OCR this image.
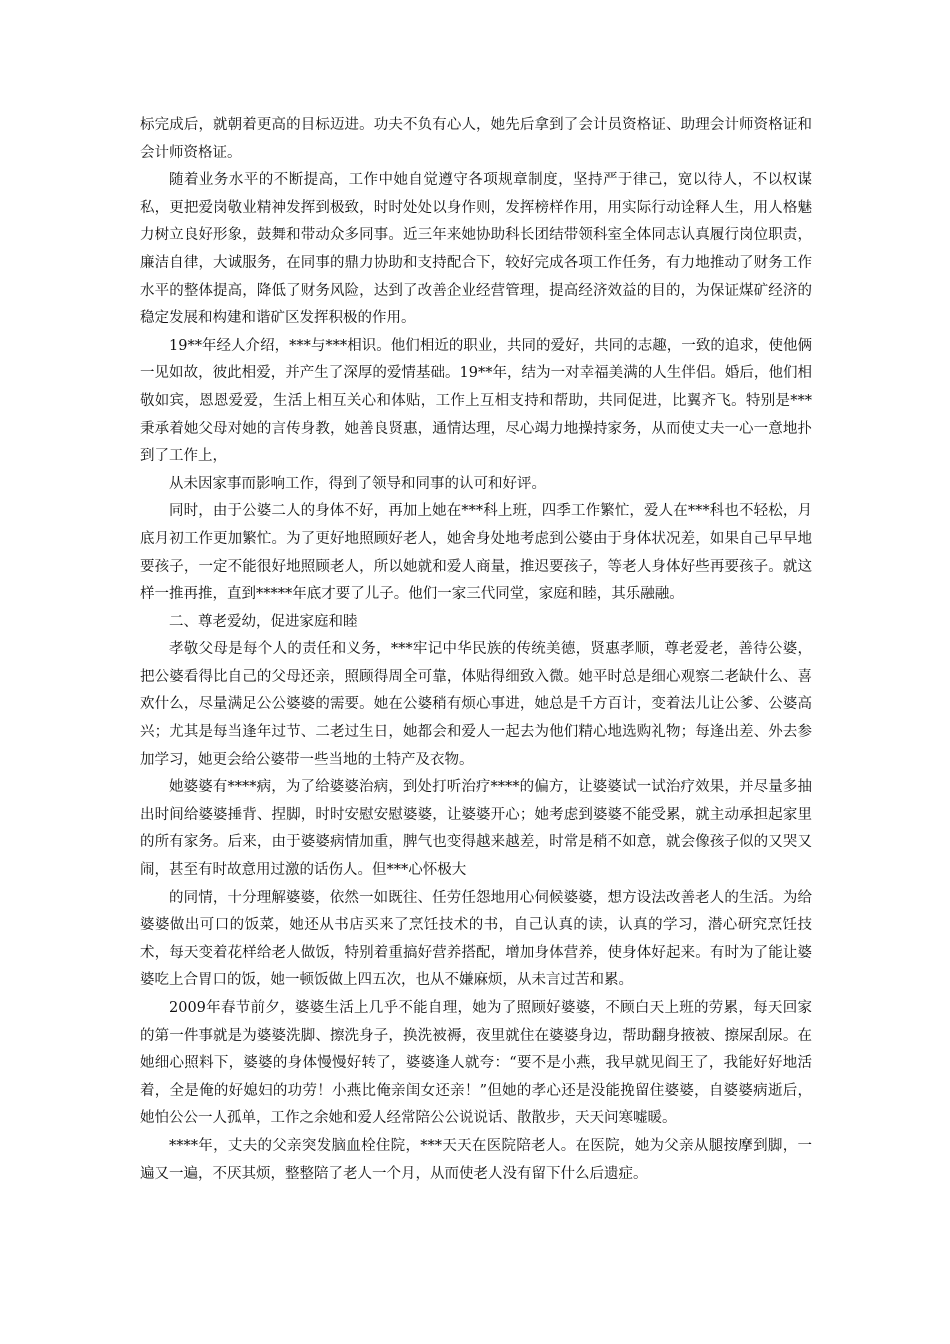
标完成后，就朝着更高的目标迈进。功夫不负有心人，她先后拿到了会计员资格证、助理会计师资格证和会计师资格证。

随着业务水平的不断提高，工作中她自觉遵守各项规章制度，坚持严于律己，宽以待人，不以权谋私，更把爱岗敬业精神发挥到极致，时时处处以身作则，发挥榜样作用，用实际行动诠释人生，用人格魅力树立良好形象，鼓舞和带动众多同事。近三年来她协助科长团结带领科室全体同志认真履行岗位职责，廉洁自律，大诚服务，在同事的鼎力协助和支持配合下，较好完成各项工作任务，有力地推动了财务工作水平的整体提高，降低了财务风险，达到了改善企业经营管理，提高经济效益的目的，为保证煤矿经济的稳定发展和构建和谐矿区发挥积极的作用。

19**年经人介绍，***与***相识。他们相近的职业，共同的爱好，共同的志趣，一致的追求，使他俩一见如故，彼此相爱，并产生了深厚的爱情基础。19**年，结为一对幸福美满的人生伴侣。婚后，他们相敬如宾，恩恩爱爱，生活上相互关心和体贴，工作上互相支持和帮助，共同促进，比翼齐飞。特别是***秉承着她父母对她的言传身教，她善良贤惠，通情达理，尽心竭力地操持家务，从而使丈夫一心一意地扑到了工作上，

从未因家事而影响工作，得到了领导和同事的认可和好评。

同时，由于公婆二人的身体不好，再加上她在***科上班，四季工作繁忙，爱人在***科也不轻松，月底月初工作更加繁忙。为了更好地照顾好老人，她舍身处地考虑到公婆由于身体状况差，如果自己早早地要孩子，一定不能很好地照顾老人，所以她就和爱人商量，推迟要孩子，等老人身体好些再要孩子。就这样一推再推，直到*****年底才要了儿子。他们一家三代同堂，家庭和睦，其乐融融。

二、尊老爱幼，促进家庭和睦

孝敬父母是每个人的责任和义务，***牢记中华民族的传统美德，贤惠孝顺，尊老爱老，善待公婆，把公婆看得比自己的父母还亲，照顾得周全可靠，体贴得细致入微。她平时总是细心观察二老缺什么、喜欢什么，尽量满足公公婆婆的需要。她在公婆稍有烦心事进，她总是千方百计，变着法儿让公爹、公婆高兴；尤其是每当逢年过节、二老过生日，她都会和爱人一起去为他们精心地选购礼物；每逢出差、外去参加学习，她更会给公婆带一些当地的土特产及衣物。

她婆婆有****病，为了给婆婆治病，到处打听治疗****的偏方，让婆婆试一试治疗效果，并尽量多抽出时间给婆婆捶背、捏脚，时时安慰安慰婆婆，让婆婆开心；她考虑到婆婆不能受累，就主动承担起家里的所有家务。后来，由于婆婆病情加重，脾气也变得越来越差，时常是稍不如意，就会像孩子似的又哭又闹，甚至有时故意用过激的话伤人。但***心怀极大

的同情，十分理解婆婆，依然一如既往、任劳任怨地用心伺候婆婆，想方设法改善老人的生活。为给婆婆做出可口的饭菜，她还从书店买来了烹饪技术的书，自己认真的读，认真的学习，潜心研究烹饪技术，每天变着花样给老人做饭，特别着重搞好营养搭配，增加身体营养，使身体好起来。有时为了能让婆婆吃上合胃口的饭，她一顿饭做上四五次，也从不嫌麻烦，从未言过苦和累。

2009年春节前夕，婆婆生活上几乎不能自理，她为了照顾好婆婆，不顾白天上班的劳累，每天回家的第一件事就是为婆婆洗脚、擦洗身子，换洗被褥，夜里就住在婆婆身边，帮助翻身掖被、擦屎刮尿。在她细心照料下，婆婆的身体慢慢好转了，婆婆逢人就夸：“要不是小燕，我早就见阎王了，我能好好地活着，全是俺的好媳妇的功劳！小燕比俺亲闺女还亲！”但她的孝心还是没能挽留住婆婆，自婆婆病逝后，她怕公公一人孤单，工作之余她和爱人经常陪公公说说话、散散步，天天问寒嘘暖。

****年，丈夫的父亲突发脑血栓住院，***天天在医院陪老人。在医院，她为父亲从腿按摩到脚，一遍又一遍，不厌其烦，整整陪了老人一个月，从而使老人没有留下什么后遗症。
